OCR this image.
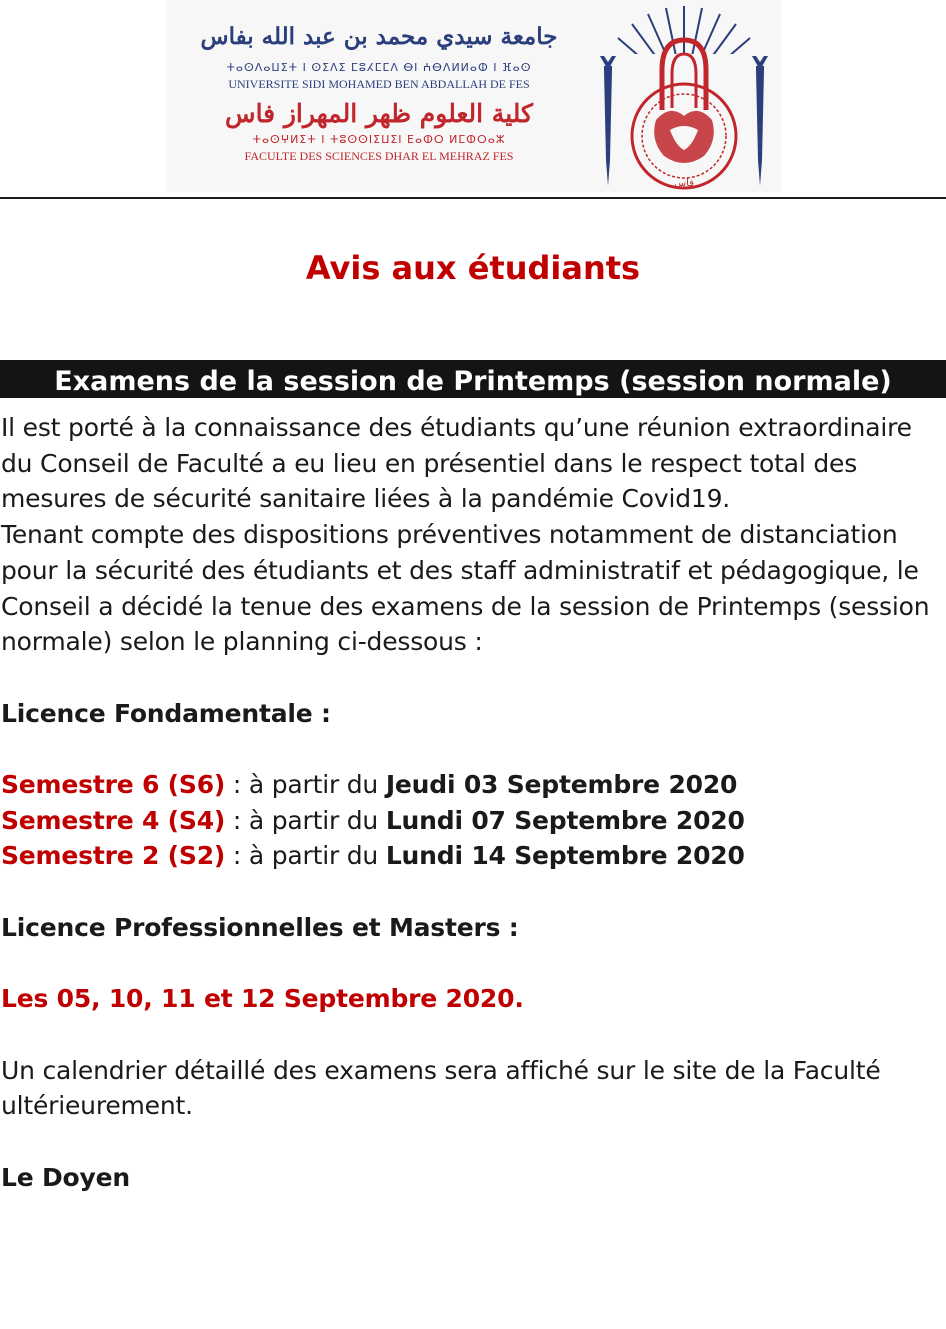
جامعة سيدي محمد بن عبد الله بفاس
ⵜⴰⵙⴷⴰⵡⵉⵜ ⵏ ⵙⵉⴷⵉ ⵎⵓⵃⵎⵎⴷ ⴱⵏ ⵄⴱⴷⵍⵍⴰⵀ ⵏ ⴼⴰⵙ
UNIVERSITE SIDI MOHAMED BEN ABDALLAH DE FES
كلية العلوم ظهر المهراز فاس
ⵜⴰⵙⵖⵍⵉⵜ ⵏ ⵜⵓⵙⵙⵏⵉⵡⵉⵏ ⴹⴰⵀⵔ ⵍⵎⵀⵔⴰⵣ
FACULTE DES SCIENCES DHAR EL MEHRAZ FES
فاس
Avis aux étudiants
Examens de la session de Printemps (session normale)

Il est porté à la connaissance des étudiants qu’une réunion extraordinaire du Conseil de Faculté a eu lieu en présentiel dans le respect total des mesures de sécurité sanitaire liées à la pandémie Covid19.

Tenant compte des dispositions préventives notamment de distanciation pour la sécurité des étudiants et des staff administratif et pédagogique, le Conseil a décidé la tenue des examens de la session de Printemps (session normale) selon le planning ci-dessous :

Licence Fondamentale :

Semestre 6 (S6) : à partir du Jeudi 03 Septembre 2020

Semestre 4 (S4) : à partir du Lundi 07 Septembre 2020

Semestre 2 (S2) : à partir du Lundi 14 Septembre 2020

Licence Professionnelles et Masters :

Les 05, 10, 11 et 12 Septembre 2020.

Un calendrier détaillé des examens sera affiché sur le site de la Faculté ultérieurement.

Le Doyen
